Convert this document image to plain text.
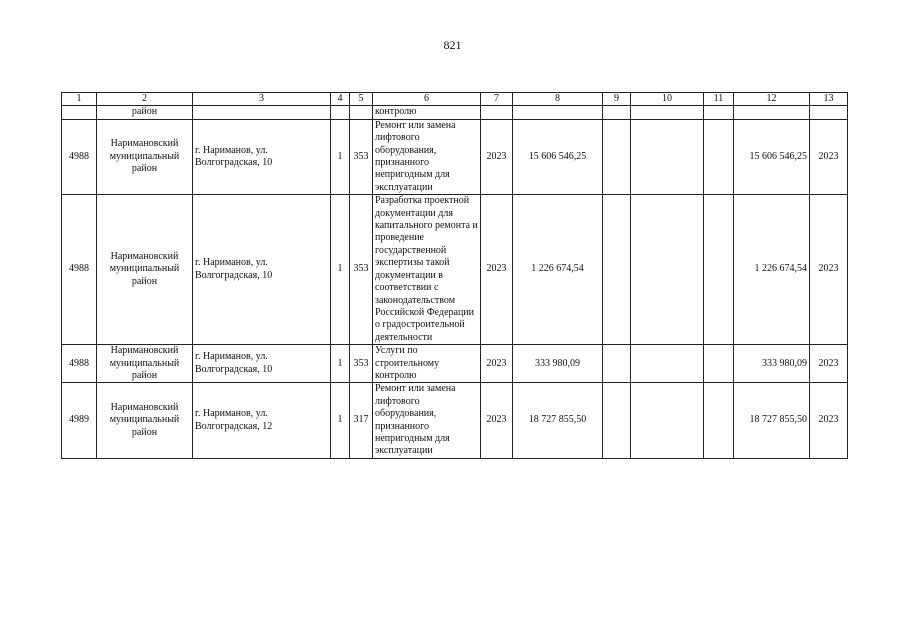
821
1	2	3	4	5	6	7	8	9	10	11	12	13
	район				контролю							
4988	Наримановский муниципальный район	г. Нариманов, ул. Волгоградская, 10	1	353	Ремонт или замена лифтового оборудования, признанного непригодным для эксплуатации	2023	15 606 546,25				15 606 546,25	2023
4988	Наримановский муниципальный район	г. Нариманов, ул. Волгоградская, 10	1	353	Разработка проектной документации для капитального ремонта и проведение государственной экспертизы такой документации в соответствии с законодательством Российской Федерации о градостроительной деятельности	2023	1 226 674,54				1 226 674,54	2023
4988	Наримановский муниципальный район	г. Нариманов, ул. Волгоградская, 10	1	353	Услуги по строительному контролю	2023	333 980,09				333 980,09	2023
4989	Наримановский муниципальный район	г. Нариманов, ул. Волгоградская, 12	1	317	Ремонт или замена лифтового оборудования, признанного непригодным для эксплуатации	2023	18 727 855,50				18 727 855,50	2023
